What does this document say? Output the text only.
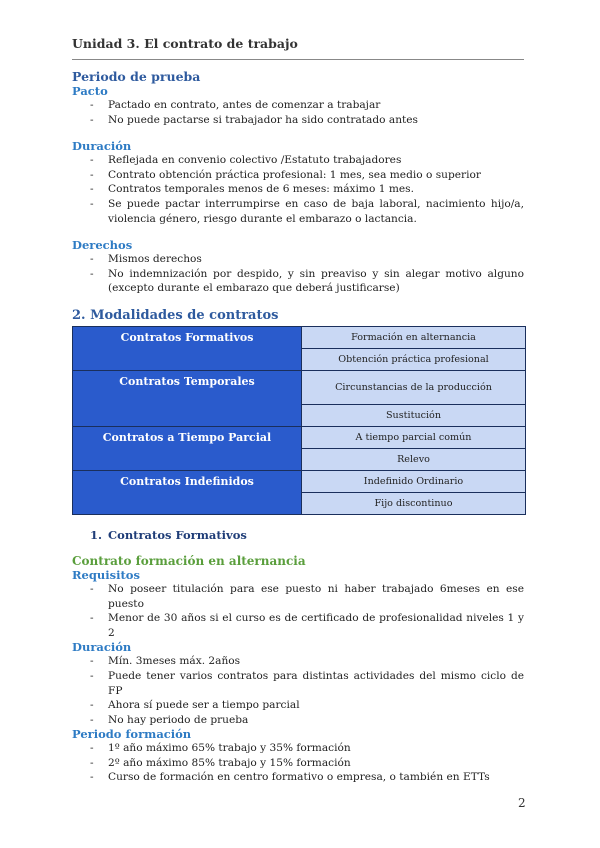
Unidad 3. El contrato de trabajo
Periodo de prueba
Pacto
- Pactado en contrato, antes de comenzar a trabajar
- No puede pactarse si trabajador ha sido contratado antes
Duración
- Reflejada en convenio colectivo /Estatuto trabajadores
- Contrato obtención práctica profesional: 1 mes, sea medio o superior
- Contratos temporales menos de 6 meses: máximo 1 mes.
- Se puede pactar interrumpirse en caso de baja laboral, nacimiento hijo/a, violencia género, riesgo durante el embarazo o lactancia.
Derechos
- Mismos derechos
- No indemnización por despido, y sin preaviso y sin alegar motivo alguno (excepto durante el embarazo que deberá justificarse)
2. Modalidades de contratos
Contratos Formativos	Formación en alternancia
	Obtención práctica profesional
Contratos Temporales	Circunstancias de la producción
	Sustitución
Contratos a Tiempo Parcial	A tiempo parcial común
	Relevo
Contratos Indefinidos	Indefinido Ordinario
	Fijo discontinuo
1. Contratos Formativos
Contrato formación en alternancia
Requisitos
- No poseer titulación para ese puesto ni haber trabajado 6meses en ese puesto
- Menor de 30 años si el curso es de certificado de profesionalidad niveles 1 y 2
Duración
- Mín. 3meses máx. 2años
- Puede tener varios contratos para distintas actividades del mismo ciclo de FP
- Ahora sí puede ser a tiempo parcial
- No hay periodo de prueba
Periodo formación
- 1º año máximo 65% trabajo y 35% formación
- 2º año máximo 85% trabajo y 15% formación
- Curso de formación en centro formativo o empresa, o también en ETTs
2
